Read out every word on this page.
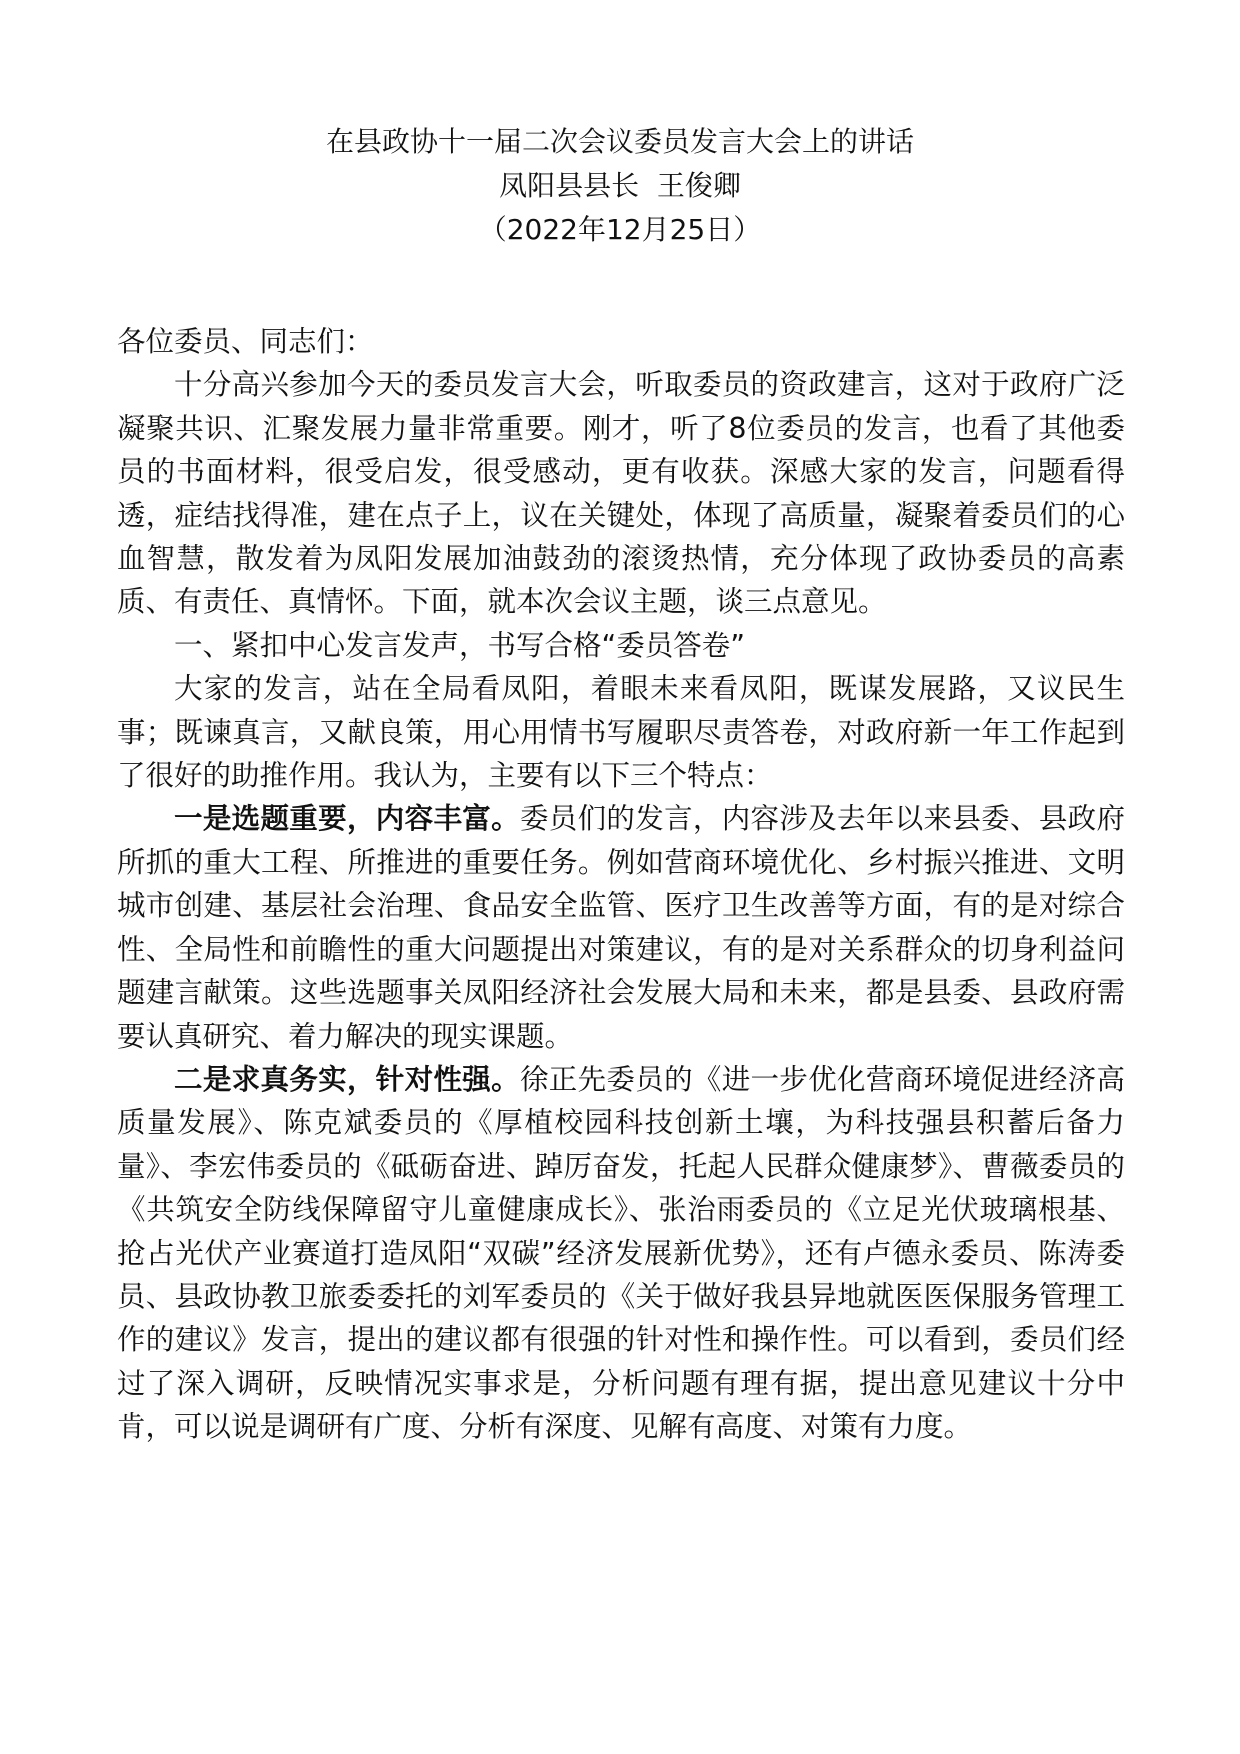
在县政协十一届二次会议委员发言大会上的讲话
凤阳县县长  王俊卿
（2022年12月25日）

各位委员、同志们：

十分高兴参加今天的委员发言大会，听取委员的资政建言，这对于政府广泛凝聚共识、汇聚发展力量非常重要。刚才，听了8位委员的发言，也看了其他委员的书面材料，很受启发，很受感动，更有收获。深感大家的发言，问题看得透，症结找得准，建在点子上，议在关键处，体现了高质量，凝聚着委员们的心血智慧，散发着为凤阳发展加油鼓劲的滚烫热情，充分体现了政协委员的高素质、有责任、真情怀。下面，就本次会议主题，谈三点意见。

一、紧扣中心发言发声，书写合格“委员答卷”

大家的发言，站在全局看凤阳，着眼未来看凤阳，既谋发展路，又议民生事；既谏真言，又献良策，用心用情书写履职尽责答卷，对政府新一年工作起到了很好的助推作用。我认为，主要有以下三个特点：

一是选题重要，内容丰富。委员们的发言，内容涉及去年以来县委、县政府所抓的重大工程、所推进的重要任务。例如营商环境优化、乡村振兴推进、文明城市创建、基层社会治理、食品安全监管、医疗卫生改善等方面，有的是对综合性、全局性和前瞻性的重大问题提出对策建议，有的是对关系群众的切身利益问题建言献策。这些选题事关凤阳经济社会发展大局和未来，都是县委、县政府需要认真研究、着力解决的现实课题。

二是求真务实，针对性强。徐正先委员的《进一步优化营商环境促进经济高质量发展》、陈克斌委员的《厚植校园科技创新土壤，为科技强县积蓄后备力量》、李宏伟委员的《砥砺奋进、踔厉奋发，托起人民群众健康梦》、曹薇委员的《共筑安全防线保障留守儿童健康成长》、张治雨委员的《立足光伏玻璃根基、抢占光伏产业赛道打造凤阳“双碳”经济发展新优势》，还有卢德永委员、陈涛委员、县政协教卫旅委委托的刘军委员的《关于做好我县异地就医医保服务管理工作的建议》发言，提出的建议都有很强的针对性和操作性。可以看到，委员们经过了深入调研，反映情况实事求是，分析问题有理有据，提出意见建议十分中肯，可以说是调研有广度、分析有深度、见解有高度、对策有力度。
